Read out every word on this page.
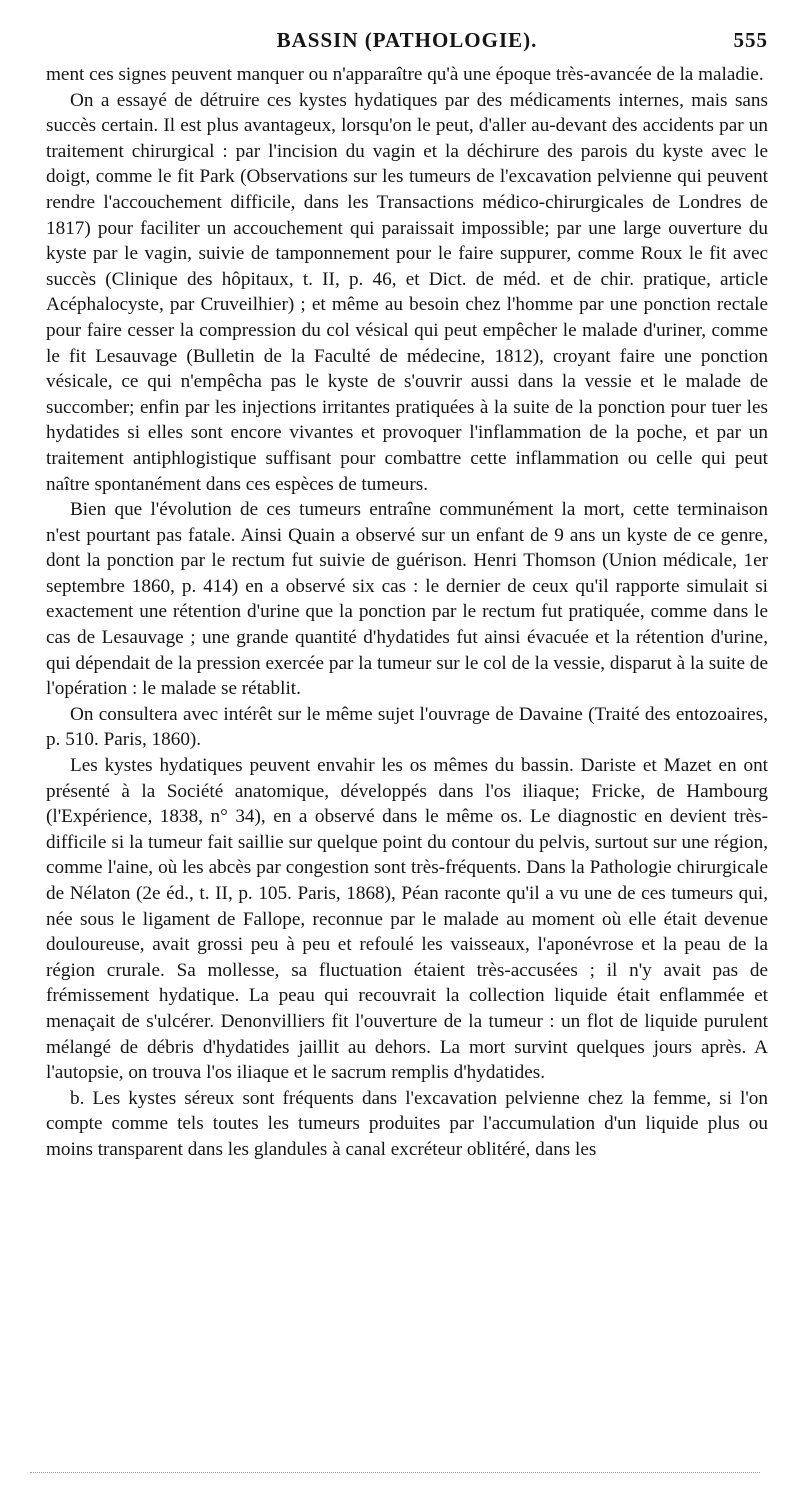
BASSIN (PATHOLOGIE).	555

ment ces signes peuvent manquer ou n'apparaître qu'à une époque très-avancée de la maladie.

On a essayé de détruire ces kystes hydatiques par des médicaments internes, mais sans succès certain. Il est plus avantageux, lorsqu'on le peut, d'aller au-devant des accidents par un traitement chirurgical : par l'incision du vagin et la déchirure des parois du kyste avec le doigt, comme le fit Park (Observations sur les tumeurs de l'excavation pelvienne qui peuvent rendre l'accouchement difficile, dans les Transactions médico-chirurgicales de Londres de 1817) pour faciliter un accouchement qui paraissait impossible; par une large ouverture du kyste par le vagin, suivie de tamponnement pour le faire suppurer, comme Roux le fit avec succès (Clinique des hôpitaux, t. II, p. 46, et Dict. de méd. et de chir. pratique, article Acéphalocyste, par Cruveilhier) ; et même au besoin chez l'homme par une ponction rectale pour faire cesser la compression du col vésical qui peut empêcher le malade d'uriner, comme le fit Lesauvage (Bulletin de la Faculté de médecine, 1812), croyant faire une ponction vésicale, ce qui n'empêcha pas le kyste de s'ouvrir aussi dans la vessie et le malade de succomber; enfin par les injections irritantes pratiquées à la suite de la ponction pour tuer les hydatides si elles sont encore vivantes et provoquer l'inflammation de la poche, et par un traitement antiphlogistique suffisant pour combattre cette inflammation ou celle qui peut naître spontanément dans ces espèces de tumeurs.

Bien que l'évolution de ces tumeurs entraîne communément la mort, cette terminaison n'est pourtant pas fatale. Ainsi Quain a observé sur un enfant de 9 ans un kyste de ce genre, dont la ponction par le rectum fut suivie de guérison. Henri Thomson (Union médicale, 1er septembre 1860, p. 414) en a observé six cas : le dernier de ceux qu'il rapporte simulait si exactement une rétention d'urine que la ponction par le rectum fut pratiquée, comme dans le cas de Lesauvage ; une grande quantité d'hydatides fut ainsi évacuée et la rétention d'urine, qui dépendait de la pression exercée par la tumeur sur le col de la vessie, disparut à la suite de l'opération : le malade se rétablit.

On consultera avec intérêt sur le même sujet l'ouvrage de Davaine (Traité des entozoaires, p. 510. Paris, 1860).

Les kystes hydatiques peuvent envahir les os mêmes du bassin. Dariste et Mazet en ont présenté à la Société anatomique, développés dans l'os iliaque; Fricke, de Hambourg (l'Expérience, 1838, n° 34), en a observé dans le même os. Le diagnostic en devient très-difficile si la tumeur fait saillie sur quelque point du contour du pelvis, surtout sur une région, comme l'aine, où les abcès par congestion sont très-fréquents. Dans la Pathologie chirurgicale de Nélaton (2e éd., t. II, p. 105. Paris, 1868), Péan raconte qu'il a vu une de ces tumeurs qui, née sous le ligament de Fallope, reconnue par le malade au moment où elle était devenue douloureuse, avait grossi peu à peu et refoulé les vaisseaux, l'aponévrose et la peau de la région crurale. Sa mollesse, sa fluctuation étaient très-accusées ; il n'y avait pas de frémissement hydatique. La peau qui recouvrait la collection liquide était enflammée et menaçait de s'ulcérer. Denonvilliers fit l'ouverture de la tumeur : un flot de liquide purulent mélangé de débris d'hydatides jaillit au dehors. La mort survint quelques jours après. A l'autopsie, on trouva l'os iliaque et le sacrum remplis d'hydatides.

b. Les kystes séreux sont fréquents dans l'excavation pelvienne chez la femme, si l'on compte comme tels toutes les tumeurs produites par l'accumulation d'un liquide plus ou moins transparent dans les glandules à canal excréteur oblitéré, dans les
